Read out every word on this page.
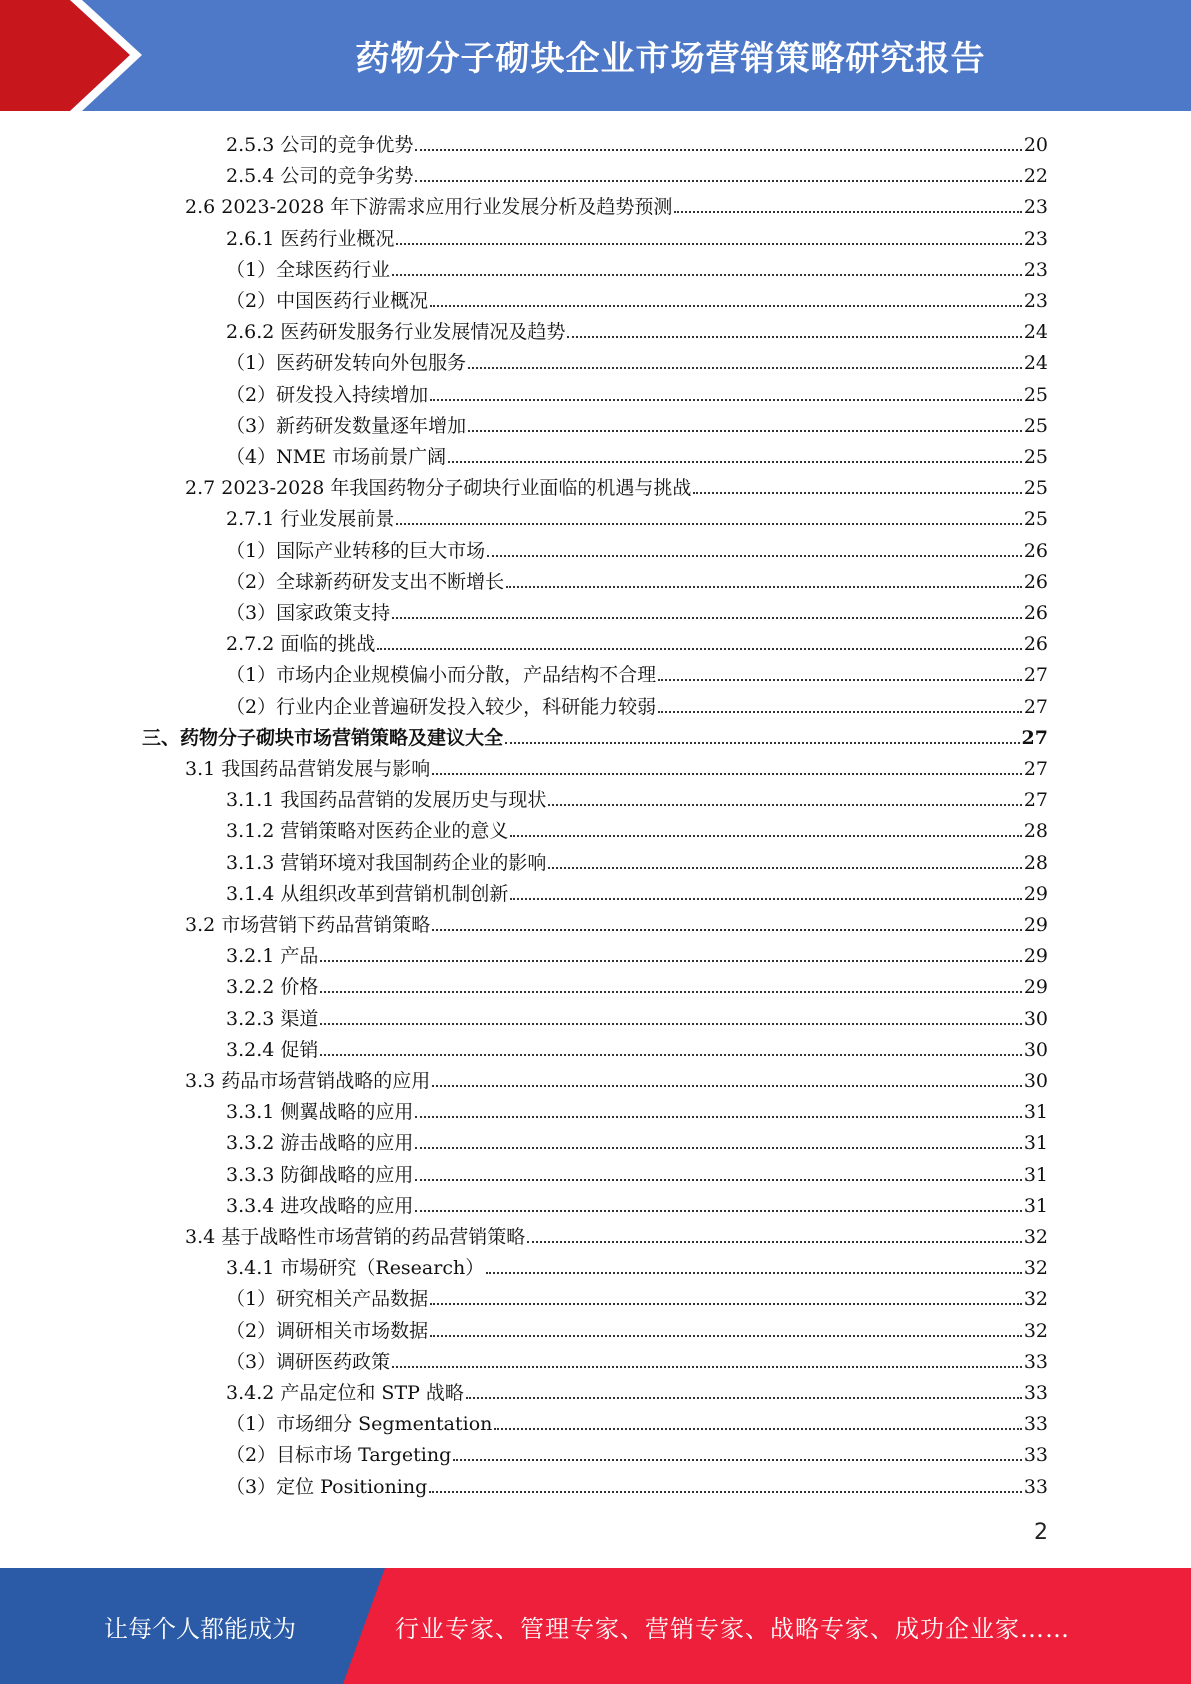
药物分子砌块企业市场营销策略研究报告
2.5.3 公司的竞争优势	20
2.5.4 公司的竞争劣势	22
2.6 2023-2028 年下游需求应用行业发展分析及趋势预测	23
2.6.1 医药行业概况	23
（1）全球医药行业	23
（2）中国医药行业概况	23
2.6.2 医药研发服务行业发展情况及趋势	24
（1）医药研发转向外包服务	24
（2）研发投入持续增加	25
（3）新药研发数量逐年增加	25
（4）NME 市场前景广阔	25
2.7 2023-2028 年我国药物分子砌块行业面临的机遇与挑战	25
2.7.1 行业发展前景	25
（1）国际产业转移的巨大市场	26
（2）全球新药研发支出不断增长	26
（3）国家政策支持	26
2.7.2 面临的挑战	26
（1）市场内企业规模偏小而分散，产品结构不合理	27
（2）行业内企业普遍研发投入较少，科研能力较弱	27
三、药物分子砌块市场营销策略及建议大全	27
3.1 我国药品营销发展与影响	27
3.1.1 我国药品营销的发展历史与现状	27
3.1.2 营销策略对医药企业的意义	28
3.1.3 营销环境对我国制药企业的影响	28
3.1.4 从组织改革到营销机制创新	29
3.2 市场营销下药品营销策略	29
3.2.1 产品	29
3.2.2 价格	29
3.2.3 渠道	30
3.2.4 促销	30
3.3 药品市场营销战略的应用	30
3.3.1 侧翼战略的应用	31
3.3.2 游击战略的应用	31
3.3.3 防御战略的应用	31
3.3.4 进攻战略的应用	31
3.4 基于战略性市场营销的药品营销策略	32
3.4.1 市場研究（Research）	32
（1）研究相关产品数据	32
（2）调研相关市场数据	32
（3）调研医药政策	33
3.4.2 产品定位和 STP 战略	33
（1）市场细分 Segmentation	33
（2）目标市场 Targeting	33
（3）定位 Positioning	33
2
让每个人都能成为	行业专家、管理专家、营销专家、战略专家、成功企业家……
